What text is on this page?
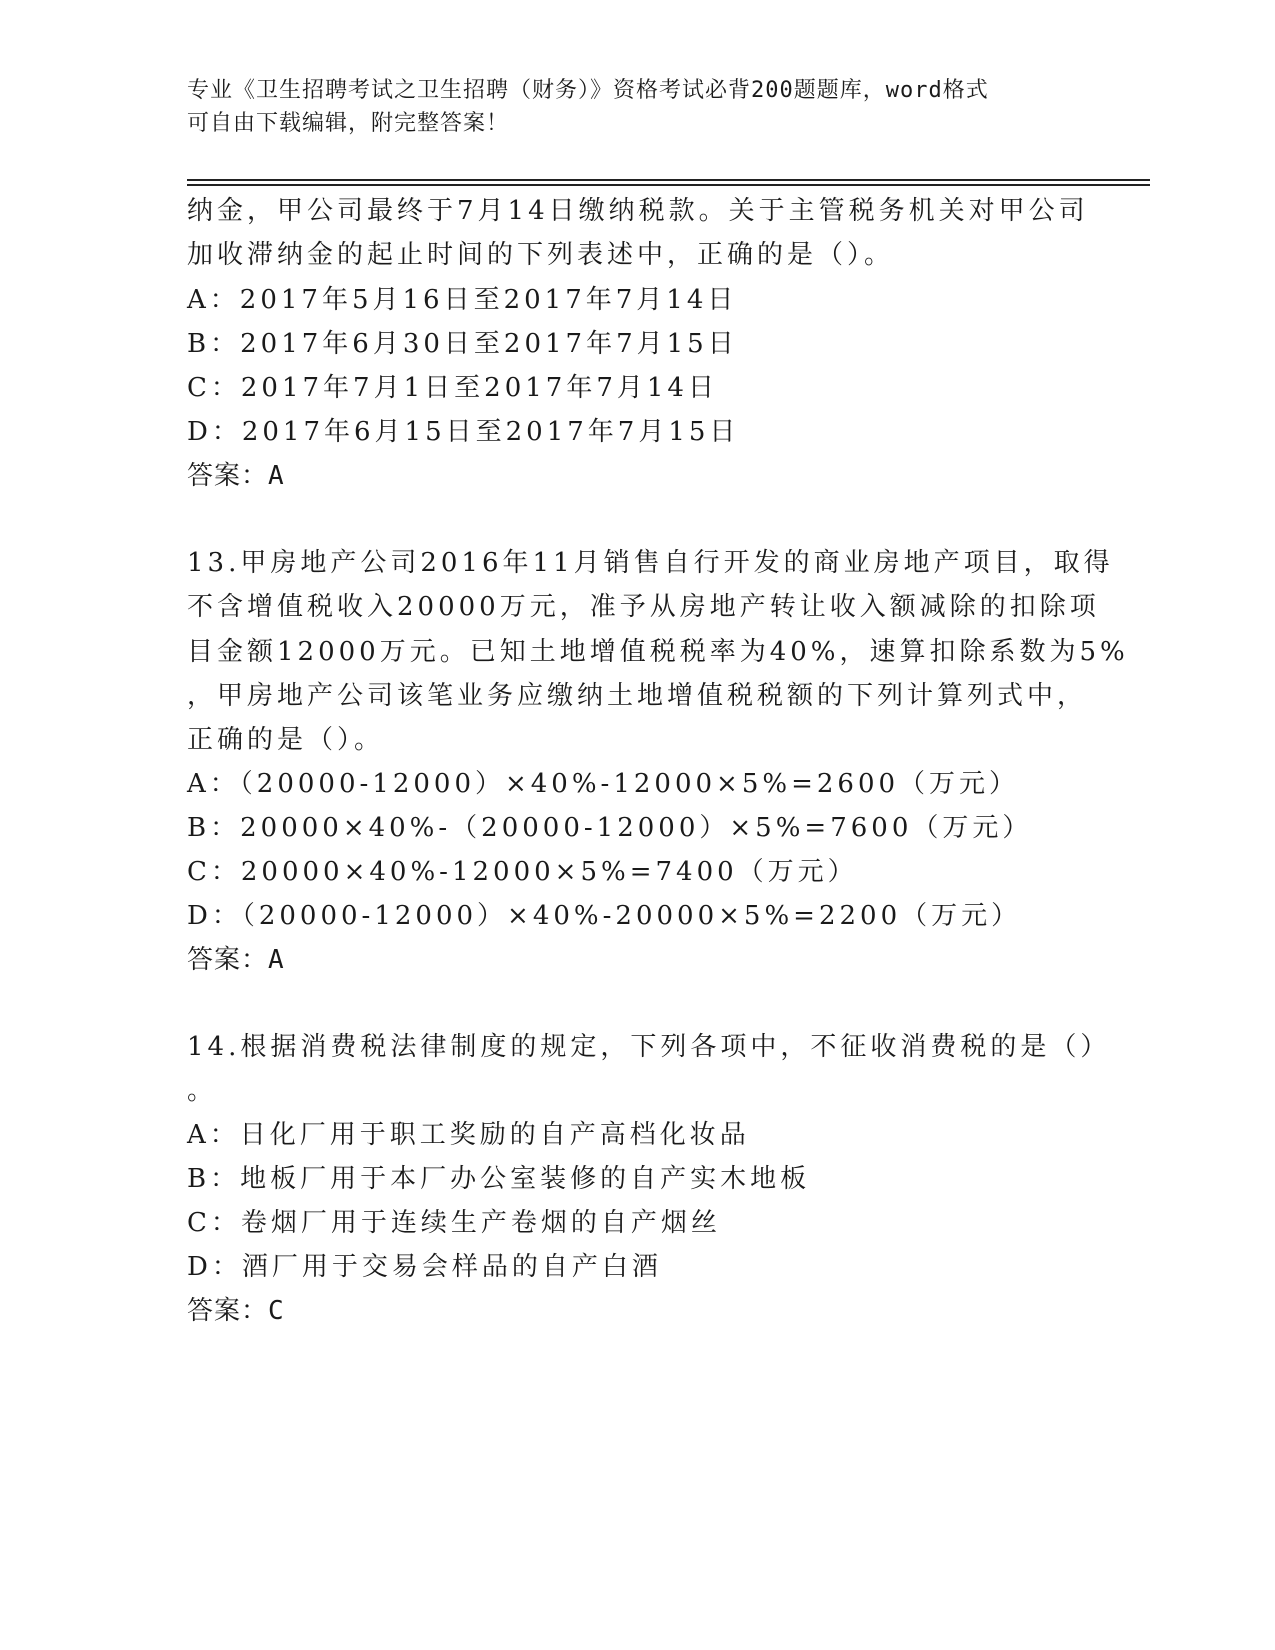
专业《卫生招聘考试之卫生招聘（财务）》资格考试必背200题题库，word格式
可自由下载编辑，附完整答案！
纳金，甲公司最终于7月14日缴纳税款。关于主管税务机关对甲公司
加收滞纳金的起止时间的下列表述中，正确的是（）。
A：2017年5月16日至2017年7月14日
B：2017年6月30日至2017年7月15日
C：2017年7月1日至2017年7月14日
D：2017年6月15日至2017年7月15日
答案：A
13.甲房地产公司2016年11月销售自行开发的商业房地产项目，取得
不含增值税收入20000万元，准予从房地产转让收入额减除的扣除项
目金额12000万元。已知土地增值税税率为40%，速算扣除系数为5%
，甲房地产公司该笔业务应缴纳土地增值税税额的下列计算列式中，
正确的是（）。
A：（20000-12000）×40%-12000×5%=2600（万元）
B：20000×40%-（20000-12000）×5%=7600（万元）
C：20000×40%-12000×5%=7400（万元）
D：（20000-12000）×40%-20000×5%=2200（万元）
答案：A
14.根据消费税法律制度的规定，下列各项中，不征收消费税的是（）
。
A：日化厂用于职工奖励的自产高档化妆品
B：地板厂用于本厂办公室装修的自产实木地板
C：卷烟厂用于连续生产卷烟的自产烟丝
D：酒厂用于交易会样品的自产白酒
答案：C
